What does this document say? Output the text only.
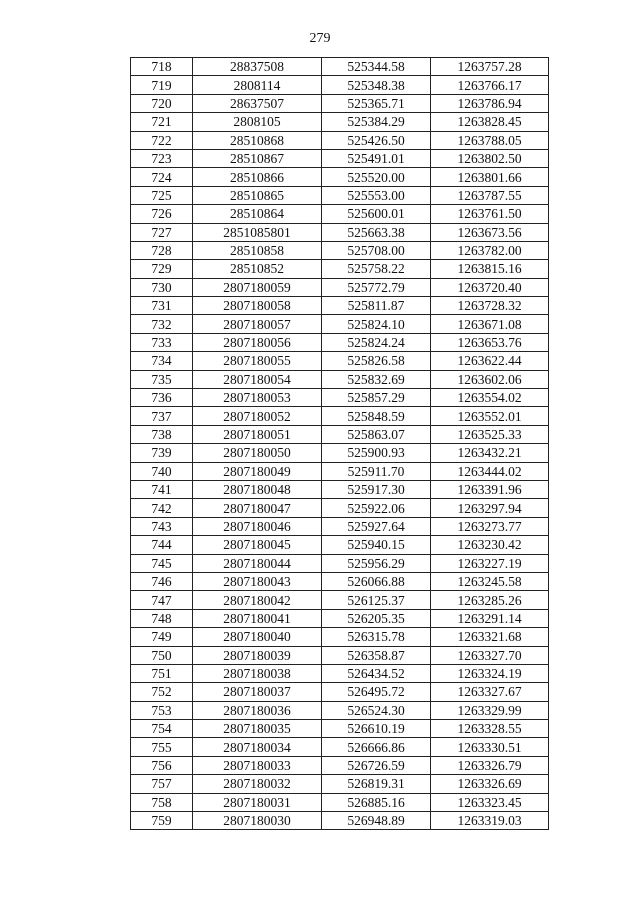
279
718	28837508	525344.58	1263757.28
719	2808114	525348.38	1263766.17
720	28637507	525365.71	1263786.94
721	2808105	525384.29	1263828.45
722	28510868	525426.50	1263788.05
723	28510867	525491.01	1263802.50
724	28510866	525520.00	1263801.66
725	28510865	525553.00	1263787.55
726	28510864	525600.01	1263761.50
727	2851085801	525663.38	1263673.56
728	28510858	525708.00	1263782.00
729	28510852	525758.22	1263815.16
730	2807180059	525772.79	1263720.40
731	2807180058	525811.87	1263728.32
732	2807180057	525824.10	1263671.08
733	2807180056	525824.24	1263653.76
734	2807180055	525826.58	1263622.44
735	2807180054	525832.69	1263602.06
736	2807180053	525857.29	1263554.02
737	2807180052	525848.59	1263552.01
738	2807180051	525863.07	1263525.33
739	2807180050	525900.93	1263432.21
740	2807180049	525911.70	1263444.02
741	2807180048	525917.30	1263391.96
742	2807180047	525922.06	1263297.94
743	2807180046	525927.64	1263273.77
744	2807180045	525940.15	1263230.42
745	2807180044	525956.29	1263227.19
746	2807180043	526066.88	1263245.58
747	2807180042	526125.37	1263285.26
748	2807180041	526205.35	1263291.14
749	2807180040	526315.78	1263321.68
750	2807180039	526358.87	1263327.70
751	2807180038	526434.52	1263324.19
752	2807180037	526495.72	1263327.67
753	2807180036	526524.30	1263329.99
754	2807180035	526610.19	1263328.55
755	2807180034	526666.86	1263330.51
756	2807180033	526726.59	1263326.79
757	2807180032	526819.31	1263326.69
758	2807180031	526885.16	1263323.45
759	2807180030	526948.89	1263319.03
